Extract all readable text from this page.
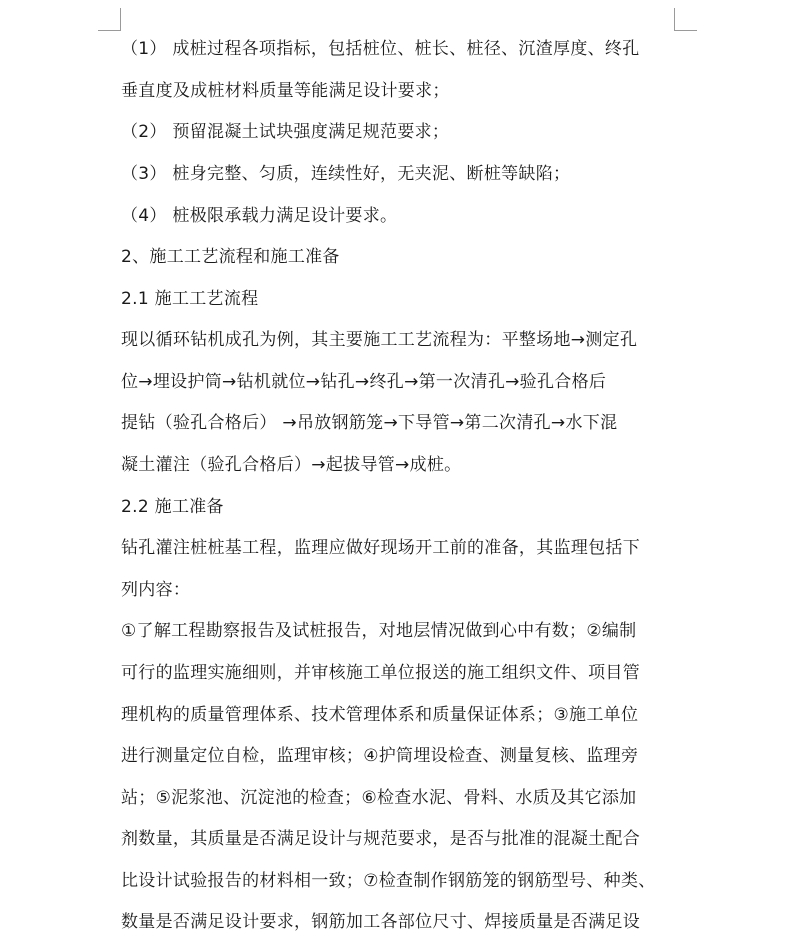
（1） 成桩过程各项指标，包括桩位、桩长、桩径、沉渣厚度、终孔
垂直度及成桩材料质量等能满足设计要求；
（2） 预留混凝土试块强度满足规范要求；
（3） 桩身完整、匀质，连续性好，无夹泥、断桩等缺陷；
（4） 桩极限承载力满足设计要求。
2、施工工艺流程和施工准备
2.1 施工工艺流程
现以循环钻机成孔为例，其主要施工工艺流程为：平整场地→测定孔
位→埋设护筒→钻机就位→钻孔→终孔→第一次清孔→验孔合格后
提钻（验孔合格后） →吊放钢筋笼→下导管→第二次清孔→水下混
凝土灌注（验孔合格后）→起拔导管→成桩。
2.2 施工准备
钻孔灌注桩桩基工程，监理应做好现场开工前的准备，其监理包括下
列内容：
①了解工程勘察报告及试桩报告，对地层情况做到心中有数；②编制
可行的监理实施细则，并审核施工单位报送的施工组织文件、项目管
理机构的质量管理体系、技术管理体系和质量保证体系；③施工单位
进行测量定位自检，监理审核；④护筒埋设检查、测量复核、监理旁
站；⑤泥浆池、沉淀池的检查；⑥检查水泥、骨料、水质及其它添加
剂数量，其质量是否满足设计与规范要求，是否与批准的混凝土配合
比设计试验报告的材料相一致；⑦检查制作钢筋笼的钢筋型号、种类、
数量是否满足设计要求，钢筋加工各部位尺寸、焊接质量是否满足设
